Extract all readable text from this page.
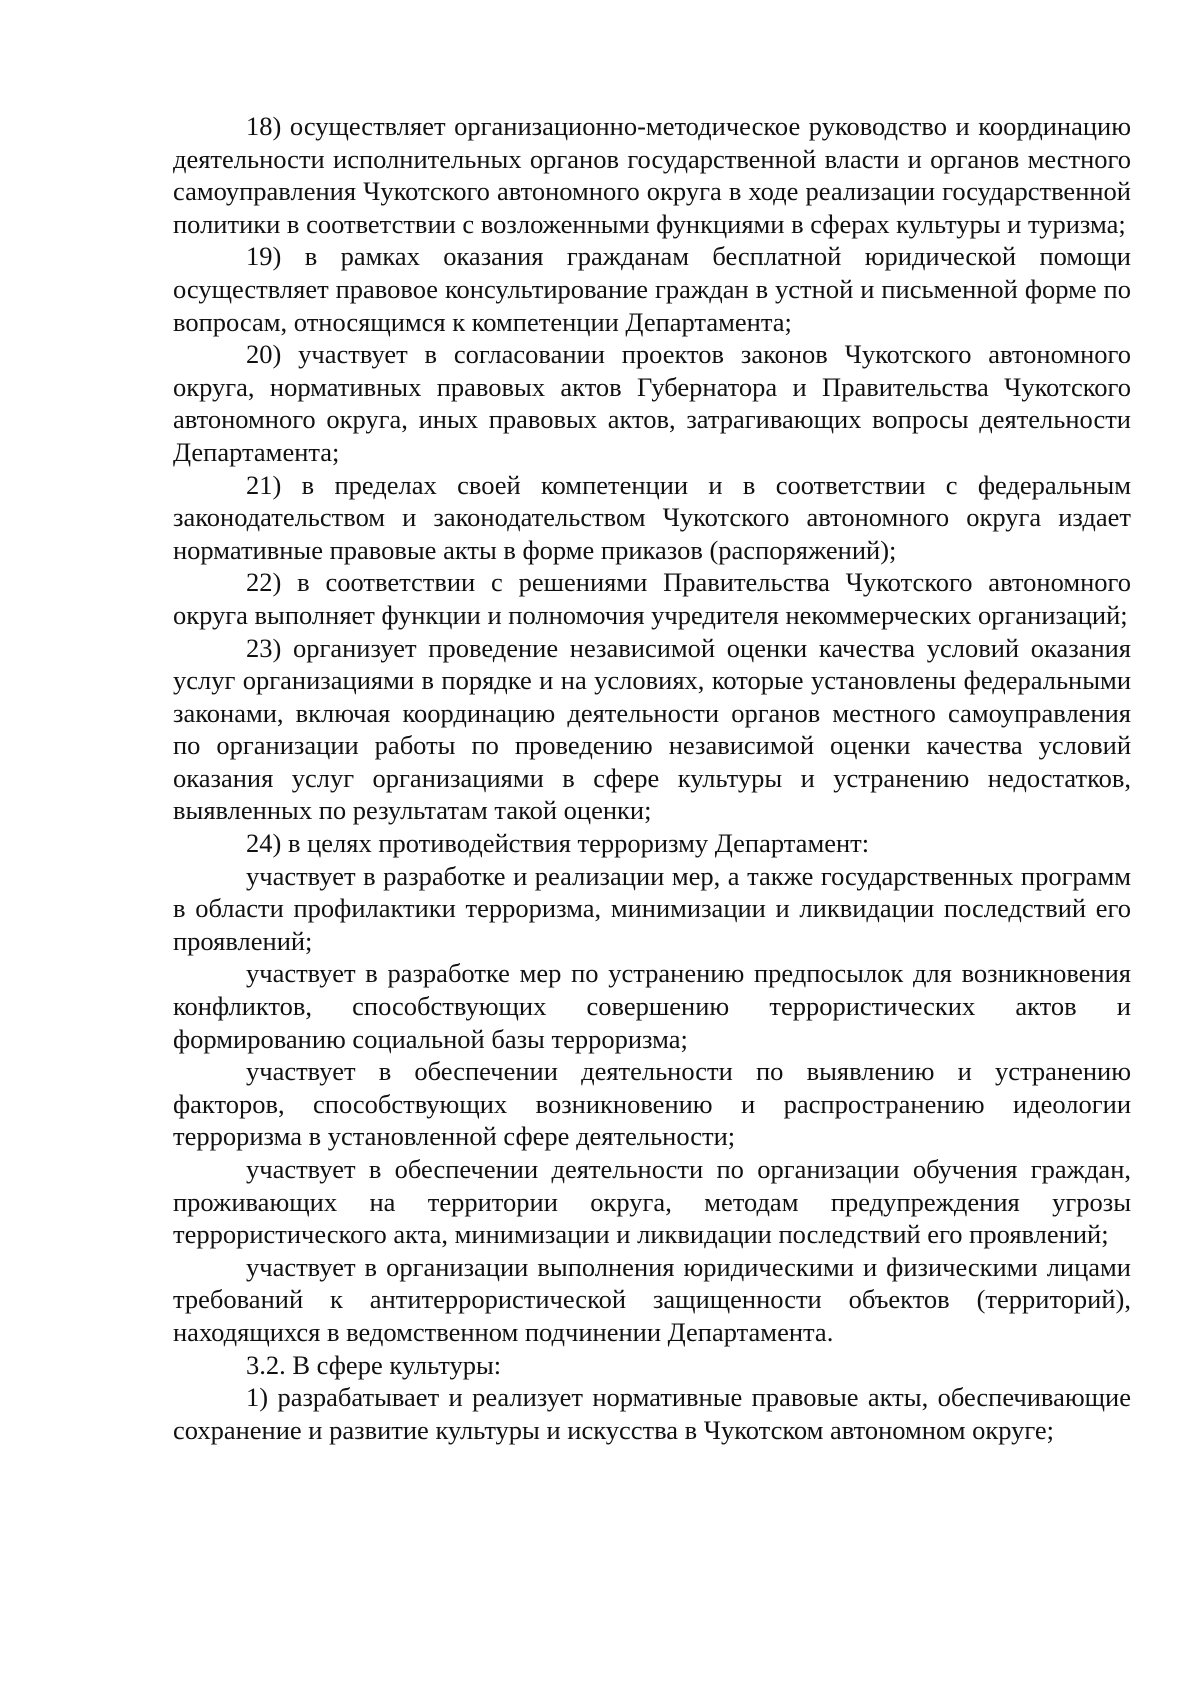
18) осуществляет организационно-методическое руководство и координацию деятельности исполнительных органов государственной власти и органов местного самоуправления Чукотского автономного округа в ходе реализации государственной политики в соответствии с возложенными функциями в сферах культуры и туризма;

19) в рамках оказания гражданам бесплатной юридической помощи осуществляет правовое консультирование граждан в устной и письменной форме по вопросам, относящимся к компетенции Департамента;

20) участвует в согласовании проектов законов Чукотского автономного округа, нормативных правовых актов Губернатора и Правительства Чукотского автономного округа, иных правовых актов, затрагивающих вопросы деятельности Департамента;

21) в пределах своей компетенции и в соответствии с федеральным законодательством и законодательством Чукотского автономного округа издает нормативные правовые акты в форме приказов (распоряжений);

22) в соответствии с решениями Правительства Чукотского автономного округа выполняет функции и полномочия учредителя некоммерческих организаций;

23) организует проведение независимой оценки качества условий оказания услуг организациями в порядке и на условиях, которые установлены федеральными законами, включая координацию деятельности органов местного самоуправления по организации работы по проведению независимой оценки качества условий оказания услуг организациями в сфере культуры и устранению недостатков, выявленных по результатам такой оценки;

24) в целях противодействия терроризму Департамент:

участвует в разработке и реализации мер, а также государственных программ в области профилактики терроризма, минимизации и ликвидации последствий его проявлений;

участвует в разработке мер по устранению предпосылок для возникновения конфликтов, способствующих совершению террористических актов и формированию социальной базы терроризма;

участвует в обеспечении деятельности по выявлению и устранению факторов, способствующих возникновению и распространению идеологии терроризма в установленной сфере деятельности;

участвует в обеспечении деятельности по организации обучения граждан, проживающих на территории округа, методам предупреждения угрозы террористического акта, минимизации и ликвидации последствий его проявлений;

участвует в организации выполнения юридическими и физическими лицами требований к антитеррористической защищенности объектов (территорий), находящихся в ведомственном подчинении Департамента.

3.2. В сфере культуры:

1) разрабатывает и реализует нормативные правовые акты, обеспечивающие сохранение и развитие культуры и искусства в Чукотском автономном округе;
